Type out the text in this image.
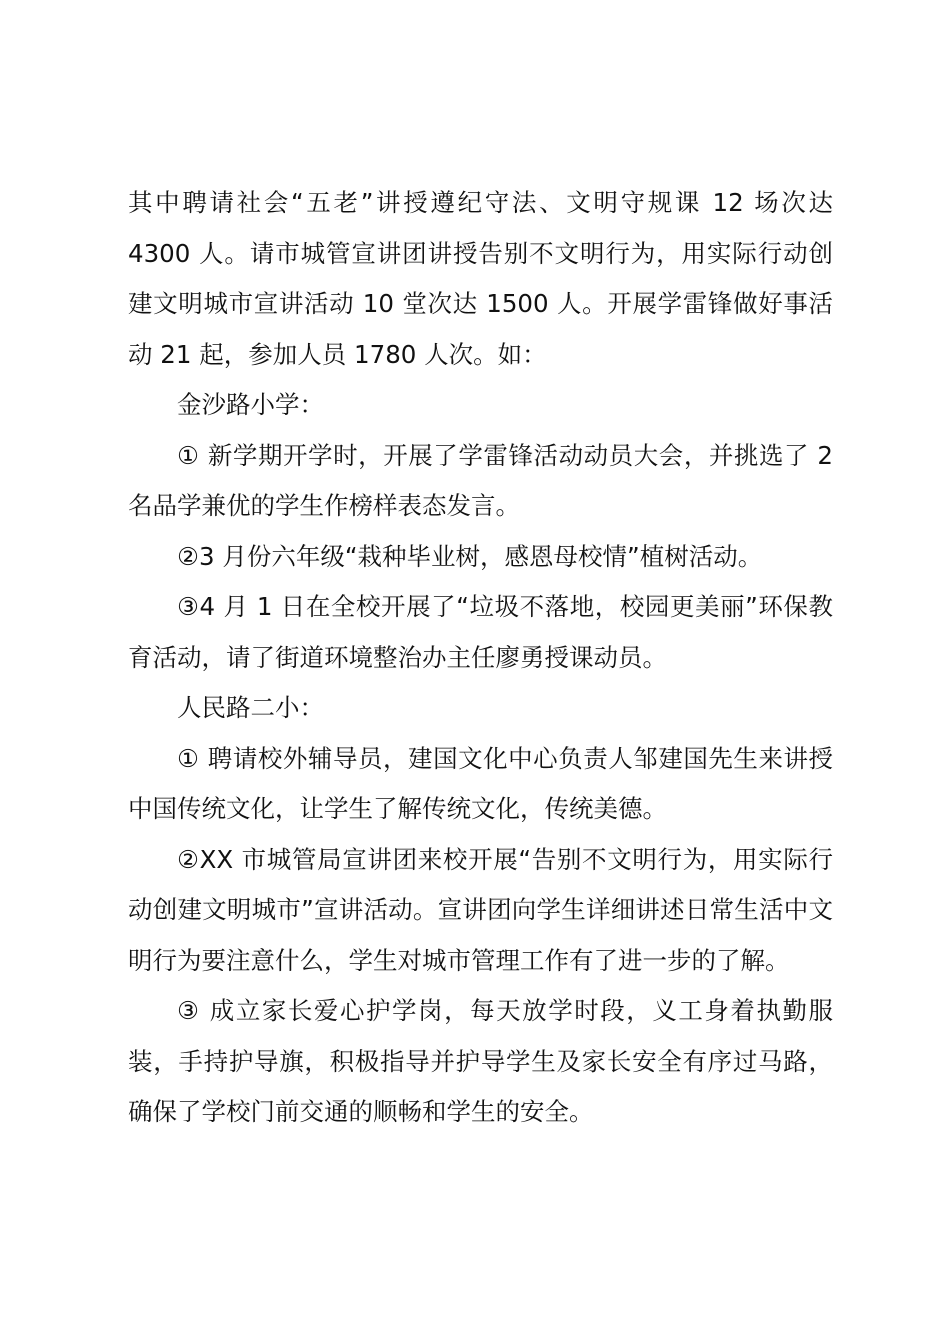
其中聘请社会“五老”讲授遵纪守法、文明守规课 12 场次达 4300 人。请市城管宣讲团讲授告别不文明行为，用实际行动创建文明城市宣讲活动 10 堂次达 1500 人。开展学雷锋做好事活动 21 起，参加人员 1780 人次。如：

金沙路小学：

① 新学期开学时，开展了学雷锋活动动员大会，并挑选了 2 名品学兼优的学生作榜样表态发言。

②3 月份六年级“栽种毕业树，感恩母校情”植树活动。

③4 月 1 日在全校开展了“垃圾不落地，校园更美丽”环保教育活动，请了街道环境整治办主任廖勇授课动员。

人民路二小：

① 聘请校外辅导员，建国文化中心负责人邹建国先生来讲授中国传统文化，让学生了解传统文化，传统美德。

②XX 市城管局宣讲团来校开展“告别不文明行为，用实际行动创建文明城市”宣讲活动。宣讲团向学生详细讲述日常生活中文明行为要注意什么，学生对城市管理工作有了进一步的了解。

③ 成立家长爱心护学岗，每天放学时段，义工身着执勤服装，手持护导旗，积极指导并护导学生及家长安全有序过马路，确保了学校门前交通的顺畅和学生的安全。
